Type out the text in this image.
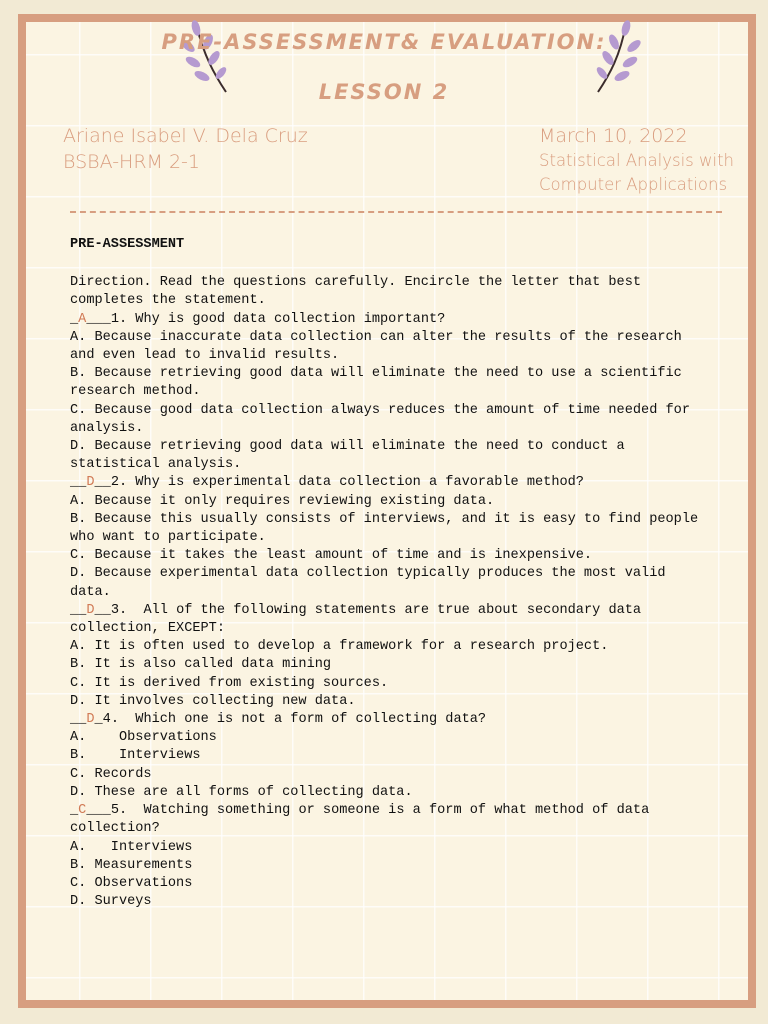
PRE-ASSESSMENT& EVALUATION:
LESSON 2

Ariane Isabel V. Dela Cruz

BSBA-HRM 2-1

March 10, 2022

Statistical Analysis with

Computer Applications

PRE-ASSESSMENT

Direction. Read the questions carefully. Encircle the letter that best completes the statement.

_A___1. Why is good data collection important?

A. Because inaccurate data collection can alter the results of the research and even lead to invalid results.

B. Because retrieving good data will eliminate the need to use a scientific research method.

C. Because good data collection always reduces the amount of time needed for analysis.

D. Because retrieving good data will eliminate the need to conduct a statistical analysis.

__D__2. Why is experimental data collection a favorable method?

A. Because it only requires reviewing existing data.

B. Because this usually consists of interviews, and it is easy to find people who want to participate.

C. Because it takes the least amount of time and is inexpensive.

D. Because experimental data collection typically produces the most valid data.

__D__3.  All of the following statements are true about secondary data collection, EXCEPT:

A. It is often used to develop a framework for a research project.

B. It is also called data mining

C. It is derived from existing sources.

D. It involves collecting new data.

__D_4.  Which one is not a form of collecting data?

A.    Observations

B.    Interviews

C. Records

D. These are all forms of collecting data.

_C___5.  Watching something or someone is a form of what method of data collection?

A.   Interviews

B. Measurements

C. Observations

D. Surveys
